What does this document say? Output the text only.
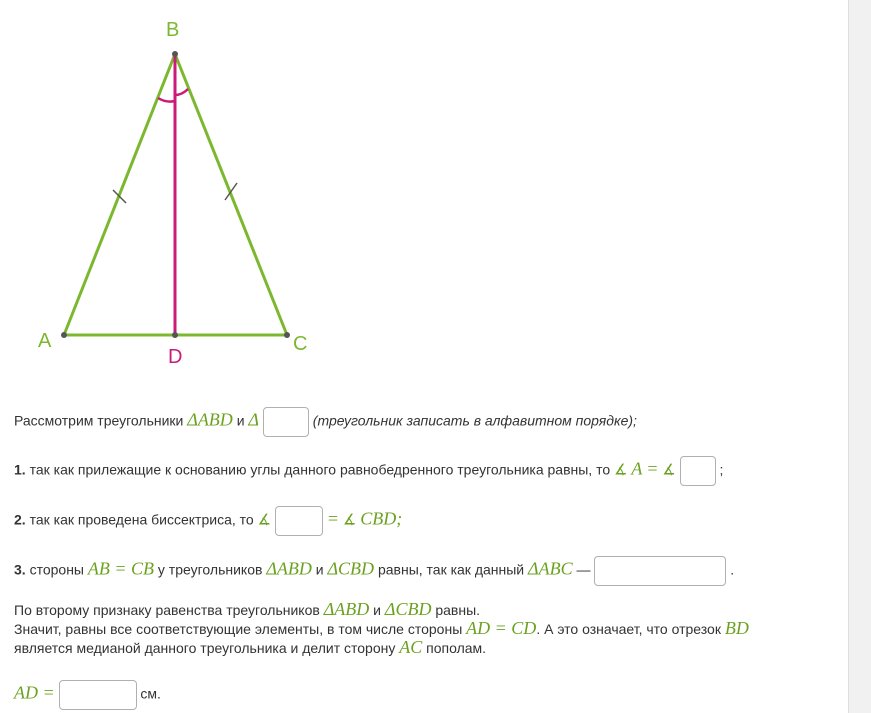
B
A	C
D
Рассмотрим треугольники ΔABD и Δ	(треугольник записать в алфавитном порядке);
1. так как прилежащие к основанию углы данного равнобедренного треугольника равны, то ∡ A = ∡	;
2. так как проведена биссектриса, то ∡	= ∡ CBD;
3. стороны AB = CB у треугольников ΔABD и ΔCBD равны, так как данный ΔABC —	.
По второму признаку равенства треугольников ΔABD и ΔCBD равны.
Значит, равны все соответствующие элементы, в том числе стороны AD = CD. А это означает, что отрезок BD
является медианой данного треугольника и делит сторону AC пополам.
AD =	см.
